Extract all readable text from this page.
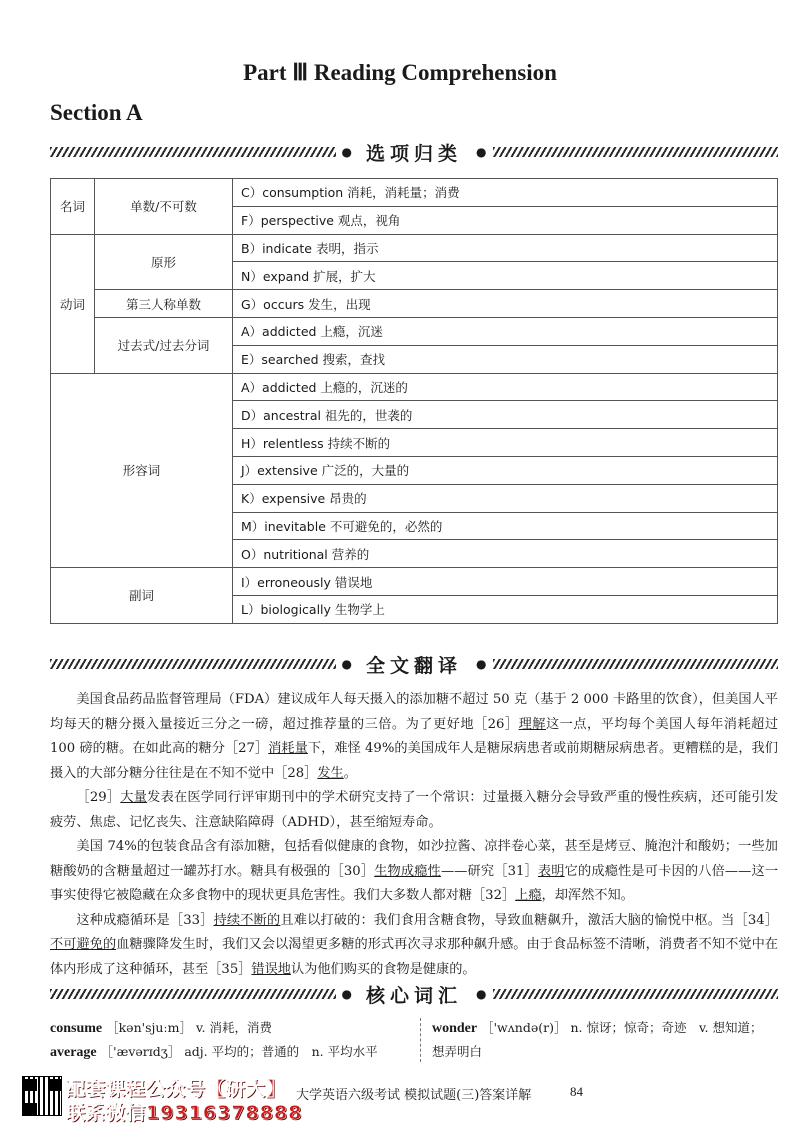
Part Ⅲ Reading Comprehension
Section A
● 选项归类	●
名词	单数/不可数	C）consumption 消耗，消耗量；消费
		F）perspective 观点，视角
动词	原形	B）indicate 表明，指示
		N）expand 扩展，扩大
	第三人称单数	G）occurs 发生，出现
	过去式/过去分词	A）addicted 上瘾，沉迷
		E）searched 搜索，查找
形容词		A）addicted 上瘾的，沉迷的
		D）ancestral 祖先的，世袭的
		H）relentless 持续不断的
		J）extensive 广泛的，大量的
		K）expensive 昂贵的
		M）inevitable 不可避免的，必然的
		O）nutritional 营养的
副词		I）erroneously 错误地
		L）biologically 生物学上
● 全文翻译	●

美国食品药品监督管理局（FDA）建议成年人每天摄入的添加糖不超过 50 克（基于 2 000 卡路里的饮食），但美国人平均每天的糖分摄入量接近三分之一磅，超过推荐量的三倍。为了更好地［26］理解这一点，平均每个美国人每年消耗超过 100 磅的糖。在如此高的糖分［27］消耗量下，难怪 49%的美国成年人是糖尿病患者或前期糖尿病患者。更糟糕的是，我们摄入的大部分糖分往往是在不知不觉中［28］发生。

［29］大量发表在医学同行评审期刊中的学术研究支持了一个常识：过量摄入糖分会导致严重的慢性疾病，还可能引发疲劳、焦虑、记忆丧失、注意缺陷障碍（ADHD），甚至缩短寿命。

美国 74%的包装食品含有添加糖，包括看似健康的食物，如沙拉酱、凉拌卷心菜，甚至是烤豆、腌泡汁和酸奶；一些加糖酸奶的含糖量超过一罐苏打水。糖具有极强的［30］生物成瘾性——研究［31］表明它的成瘾性是可卡因的八倍——这一事实使得它被隐藏在众多食物中的现状更具危害性。我们大多数人都对糖［32］上瘾，却浑然不知。

这种成瘾循环是［33］持续不断的且难以打破的：我们食用含糖食物，导致血糖飙升，激活大脑的愉悦中枢。当［34］不可避免的血糖骤降发生时，我们又会以渴望更多糖的形式再次寻求那种飙升感。由于食品标签不清晰，消费者不知不觉中在体内形成了这种循环，甚至［35］错误地认为他们购买的食物是健康的。

● 核心词汇	●
consume ［kən'sjuːm］ v. 消耗，消费
average ［'ævərɪdʒ］ adj. 平均的；普通的　n. 平均水平
wonder ［'wʌndə(r)］ n. 惊讶；惊奇；奇迹　v. 想知道；
想弄明白
配套课程公众号【研大】
联系微信19316378888
大学英语六级考试 模拟试题(三)答案详解	84
